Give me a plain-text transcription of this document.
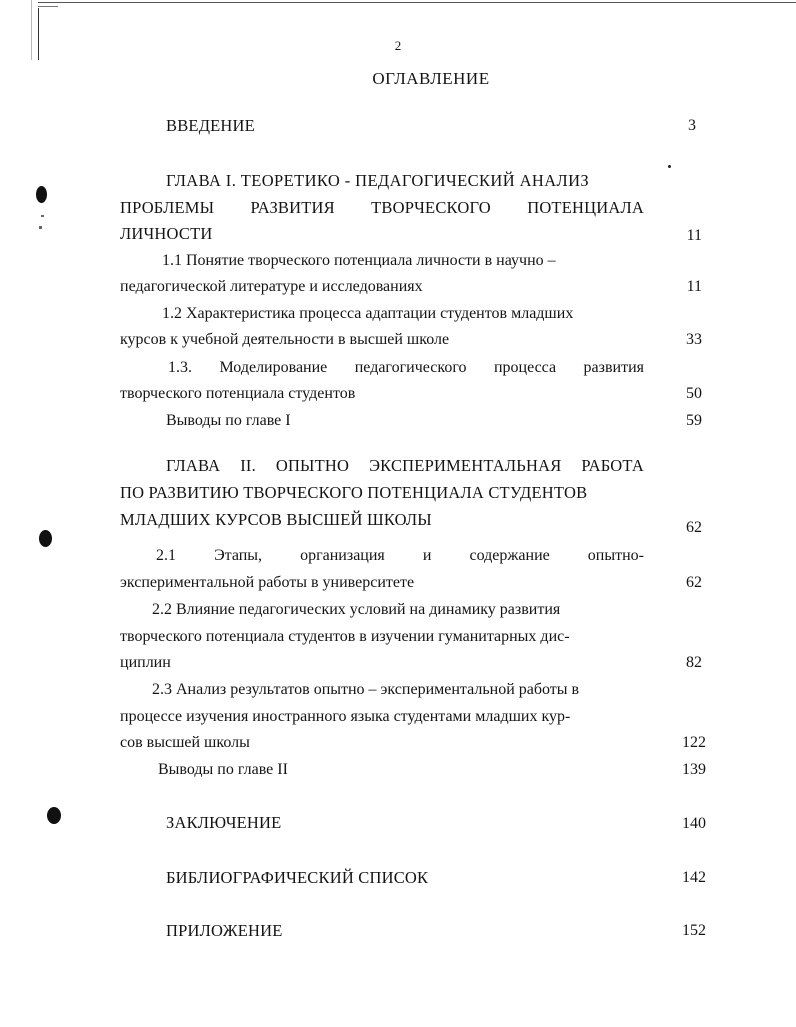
2
ОГЛАВЛЕНИЕ
ВВЕДЕНИЕ	3
ГЛАВА I. ТЕОРЕТИКО - ПЕДАГОГИЧЕСКИЙ АНАЛИЗ
ПРОБЛЕМЫ РАЗВИТИЯ ТВОРЧЕСКОГО ПОТЕНЦИАЛА
ЛИЧНОСТИ	11
1.1 Понятие творческого потенциала личности в научно –
педагогической литературе и исследованиях	11
1.2 Характеристика процесса адаптации студентов младших
курсов к учебной деятельности в высшей школе	33
1.3. Моделирование педагогического процесса развития
творческого потенциала студентов	50
Выводы по главе I	59
ГЛАВА II. ОПЫТНО ЭКСПЕРИМЕНТАЛЬНАЯ РАБОТА
ПО РАЗВИТИЮ ТВОРЧЕСКОГО ПОТЕНЦИАЛА СТУДЕНТОВ
МЛАДШИХ КУРСОВ ВЫСШЕЙ ШКОЛЫ	62
2.1 Этапы, организация и содержание опытно-
экспериментальной работы в университете	62
2.2 Влияние педагогических условий на динамику развития
творческого потенциала студентов в изучении гуманитарных дис-
циплин	82
2.3 Анализ результатов опытно – экспериментальной работы в
процессе изучения иностранного языка студентами младших кур-
сов высшей школы	122
Выводы по главе II	139
ЗАКЛЮЧЕНИЕ	140
БИБЛИОГРАФИЧЕСКИЙ СПИСОК	142
ПРИЛОЖЕНИЕ	152
